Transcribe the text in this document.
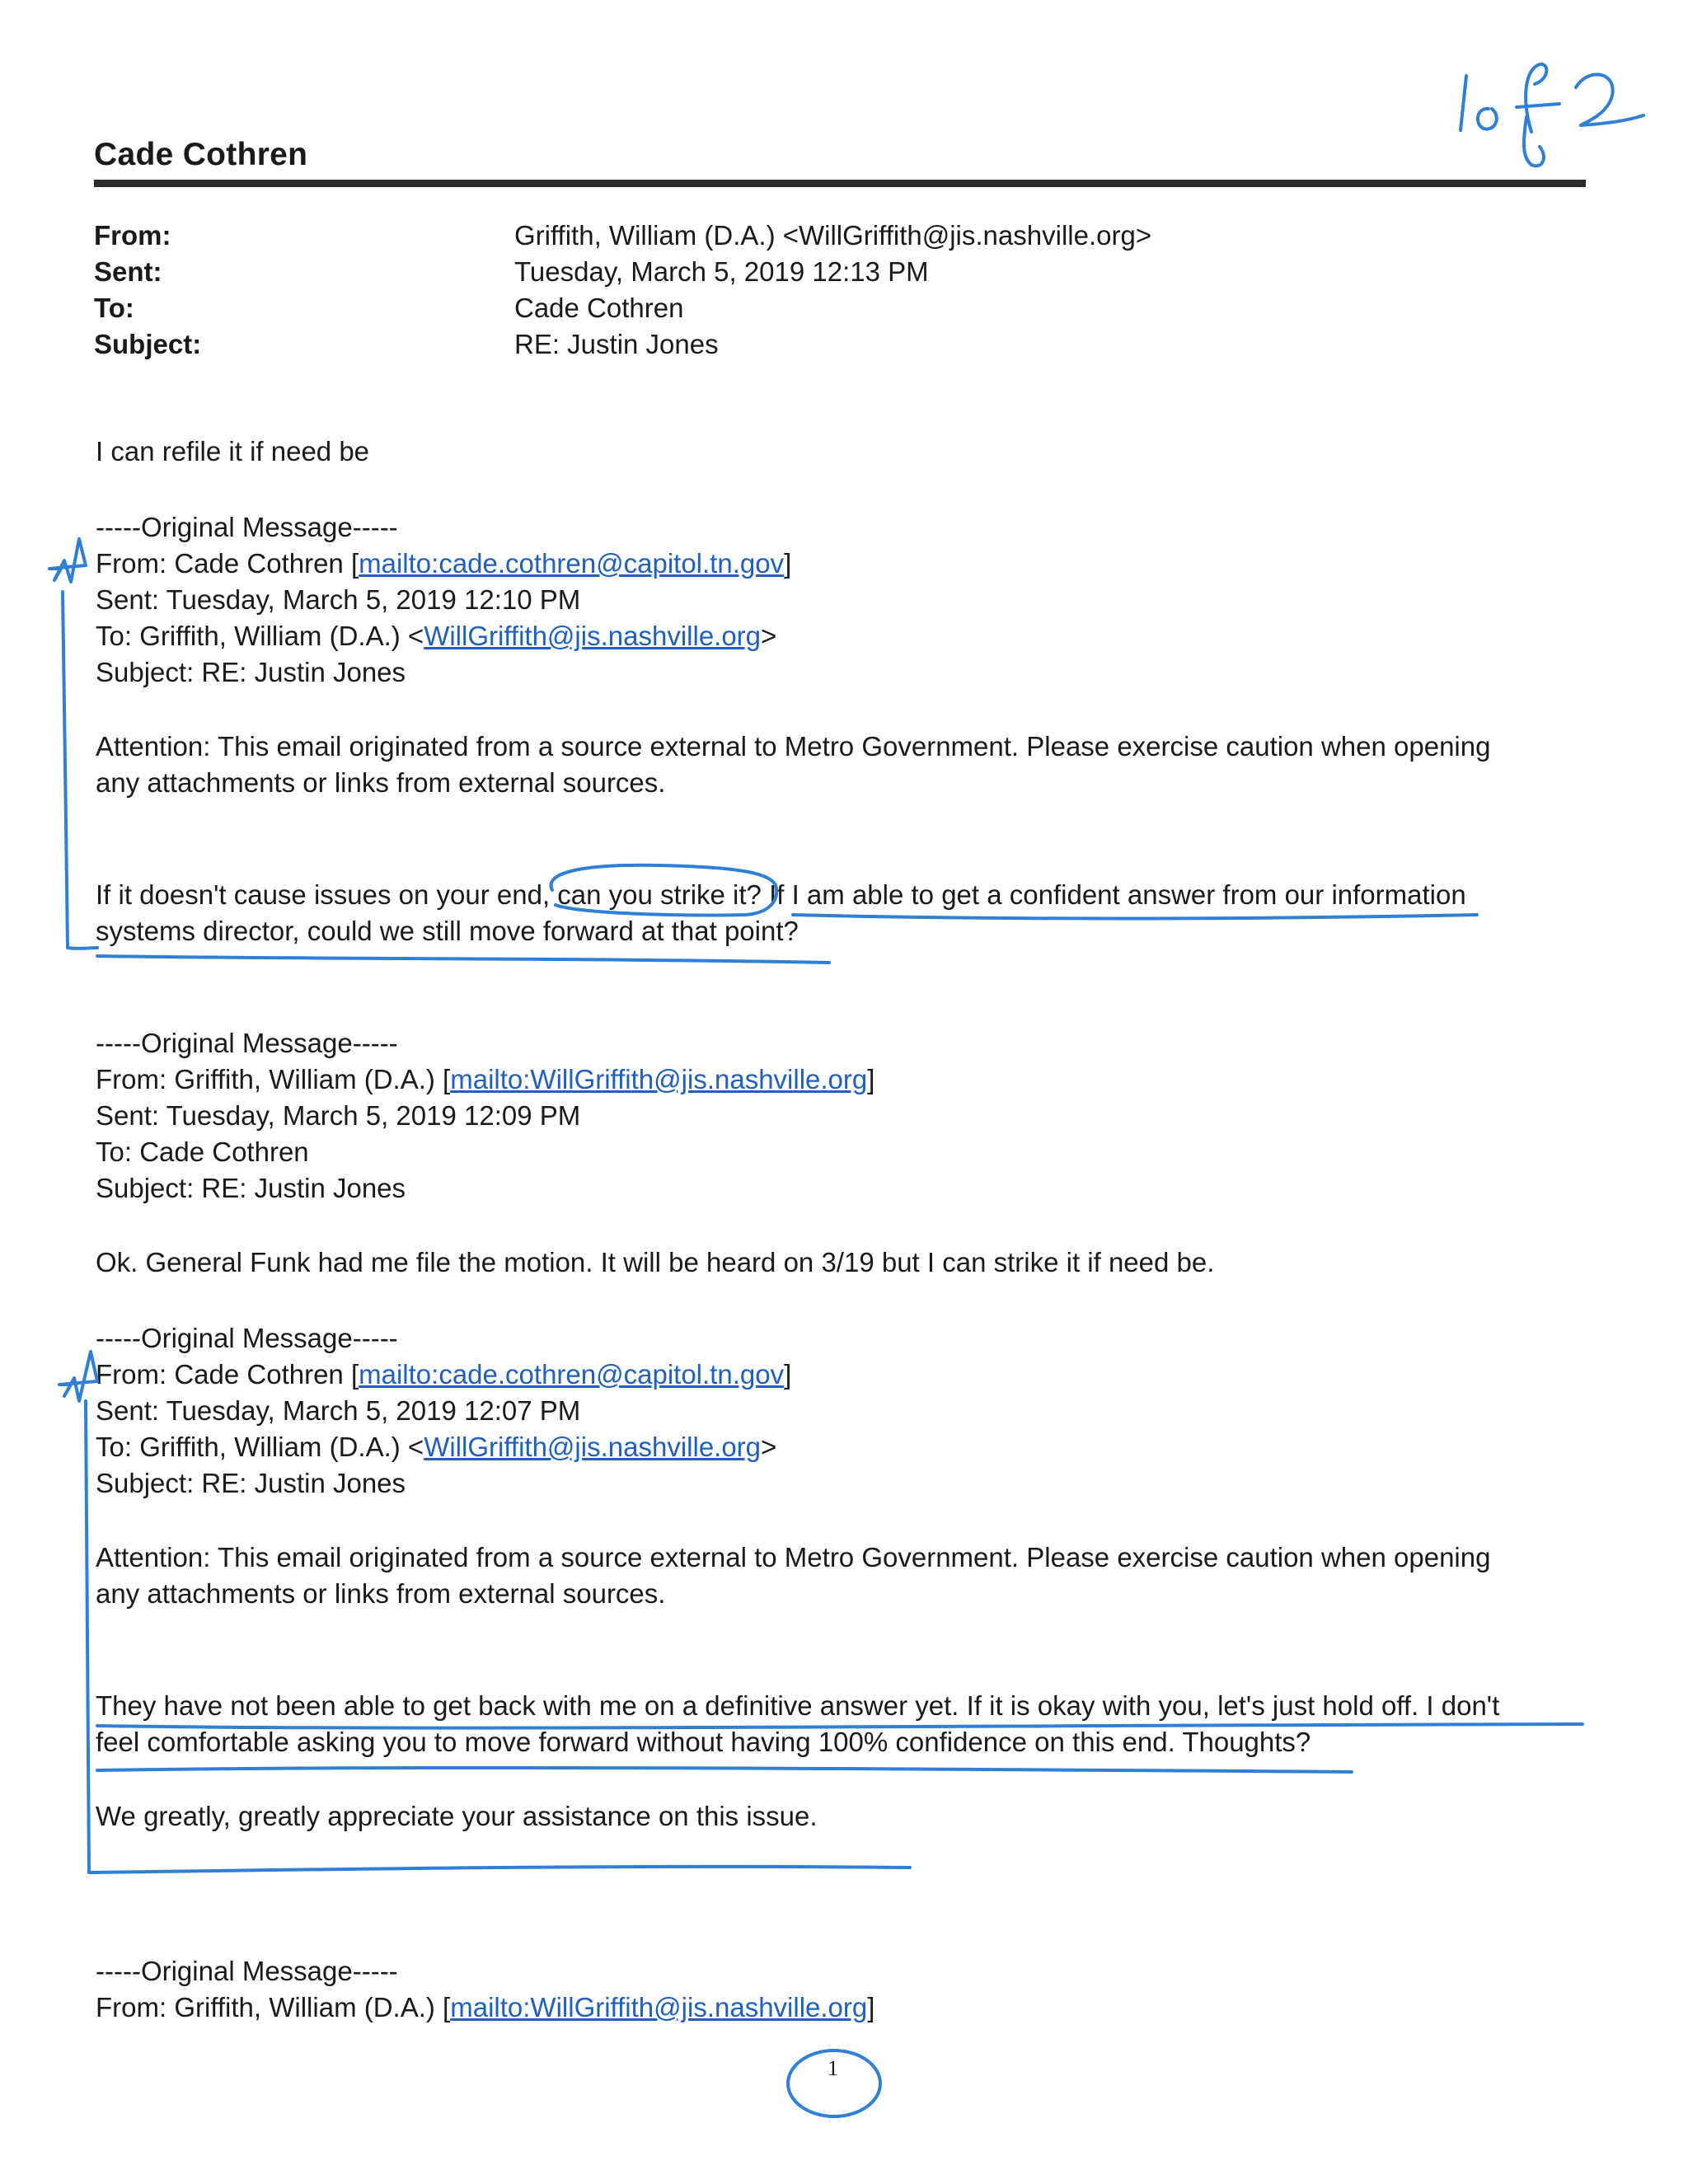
Cade Cothren
From:	Griffith, William (D.A.) <WillGriffith@jis.nashville.org>
Sent:	Tuesday, March 5, 2019 12:13 PM
To:	Cade Cothren
Subject:	RE: Justin Jones
I can refile it if need be
-----Original Message-----
From: Cade Cothren [mailto:cade.cothren@capitol.tn.gov]
Sent: Tuesday, March 5, 2019 12:10 PM
To: Griffith, William (D.A.) <WillGriffith@jis.nashville.org>
Subject: RE: Justin Jones
Attention: This email originated from a source external to Metro Government. Please exercise caution when opening
any attachments or links from external sources.
If it doesn't cause issues on your end, can you strike it? If I am able to get a confident answer from our information
systems director, could we still move forward at that point?
-----Original Message-----
From: Griffith, William (D.A.) [mailto:WillGriffith@jis.nashville.org]
Sent: Tuesday, March 5, 2019 12:09 PM
To: Cade Cothren
Subject: RE: Justin Jones
Ok. General Funk had me file the motion. It will be heard on 3/19 but I can strike it if need be.
-----Original Message-----
From: Cade Cothren [mailto:cade.cothren@capitol.tn.gov]
Sent: Tuesday, March 5, 2019 12:07 PM
To: Griffith, William (D.A.) <WillGriffith@jis.nashville.org>
Subject: RE: Justin Jones
Attention: This email originated from a source external to Metro Government. Please exercise caution when opening
any attachments or links from external sources.
They have not been able to get back with me on a definitive answer yet. If it is okay with you, let's just hold off. I don't
feel comfortable asking you to move forward without having 100% confidence on this end. Thoughts?
We greatly, greatly appreciate your assistance on this issue.
-----Original Message-----
From: Griffith, William (D.A.) [mailto:WillGriffith@jis.nashville.org]
1
